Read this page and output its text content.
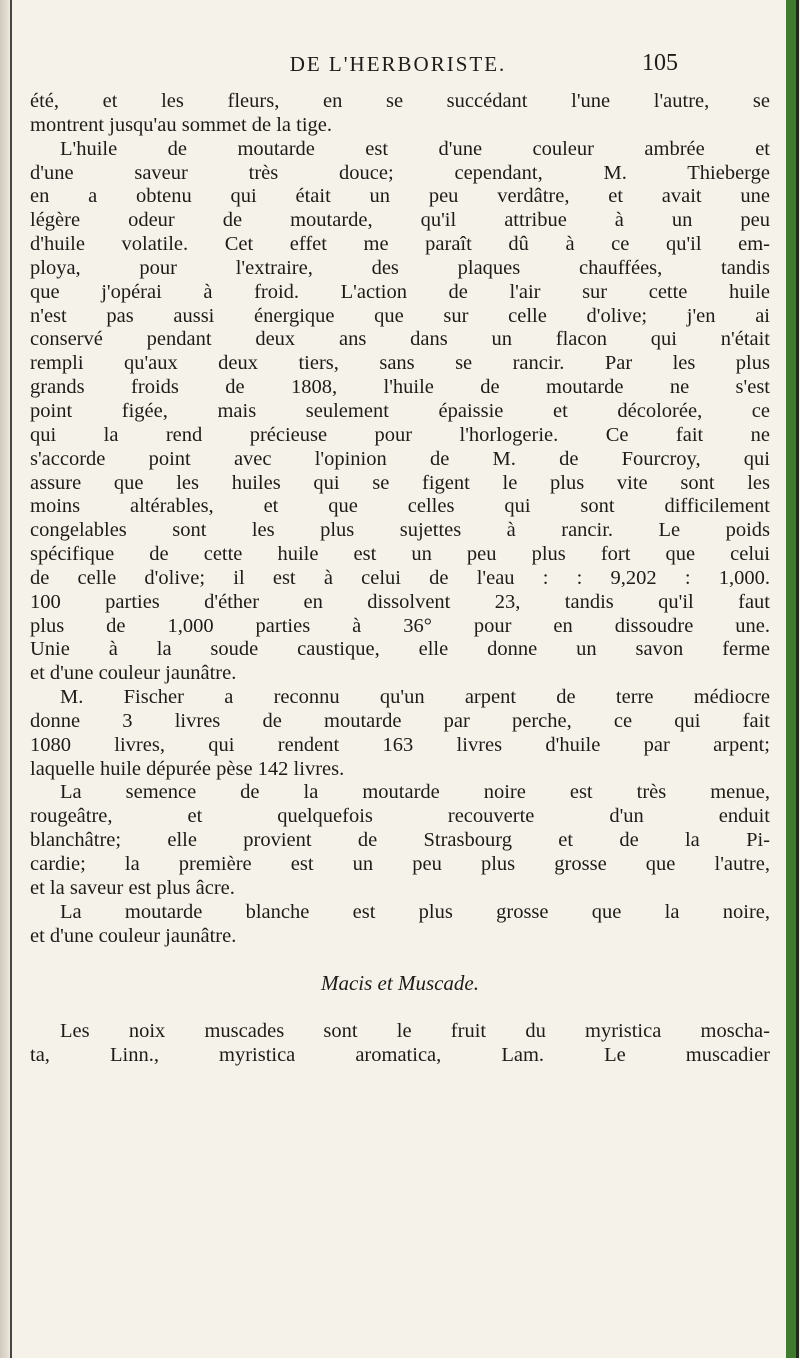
DE L'HERBORISTE.	105
été, et les fleurs, en se succédant l'une l'autre, se
montrent jusqu'au sommet de la tige.
L'huile de moutarde est d'une couleur ambrée et
d'une saveur très douce; cependant, M. Thieberge
en a obtenu qui était un peu verdâtre, et avait une
légère odeur de moutarde, qu'il attribue à un peu
d'huile volatile. Cet effet me paraît dû à ce qu'il em-
ploya, pour l'extraire, des plaques chauffées, tandis
que j'opérai à froid. L'action de l'air sur cette huile
n'est pas aussi énergique que sur celle d'olive; j'en ai
conservé pendant deux ans dans un flacon qui n'était
rempli qu'aux deux tiers, sans se rancir. Par les plus
grands froids de 1808, l'huile de moutarde ne s'est
point figée, mais seulement épaissie et décolorée, ce
qui la rend précieuse pour l'horlogerie. Ce fait ne
s'accorde point avec l'opinion de M. de Fourcroy, qui
assure que les huiles qui se figent le plus vite sont les
moins altérables, et que celles qui sont difficilement
congelables sont les plus sujettes à rancir. Le poids
spécifique de cette huile est un peu plus fort que celui
de celle d'olive; il est à celui de l'eau : : 9,202 : 1,000.
100 parties d'éther en dissolvent 23, tandis qu'il faut
plus de 1,000 parties à 36° pour en dissoudre une.
Unie à la soude caustique, elle donne un savon ferme
et d'une couleur jaunâtre.
M. Fischer a reconnu qu'un arpent de terre médiocre
donne 3 livres de moutarde par perche, ce qui fait
1080 livres, qui rendent 163 livres d'huile par arpent;
laquelle huile dépurée pèse 142 livres.
La semence de la moutarde noire est très menue,
rougeâtre, et quelquefois recouverte d'un enduit
blanchâtre; elle provient de Strasbourg et de la Pi-
cardie; la première est un peu plus grosse que l'autre,
et la saveur est plus âcre.
La moutarde blanche est plus grosse que la noire,
et d'une couleur jaunâtre.
Macis et Muscade.
Les noix muscades sont le fruit du myristica moscha-
ta, Linn., myristica aromatica, Lam. Le muscadier
